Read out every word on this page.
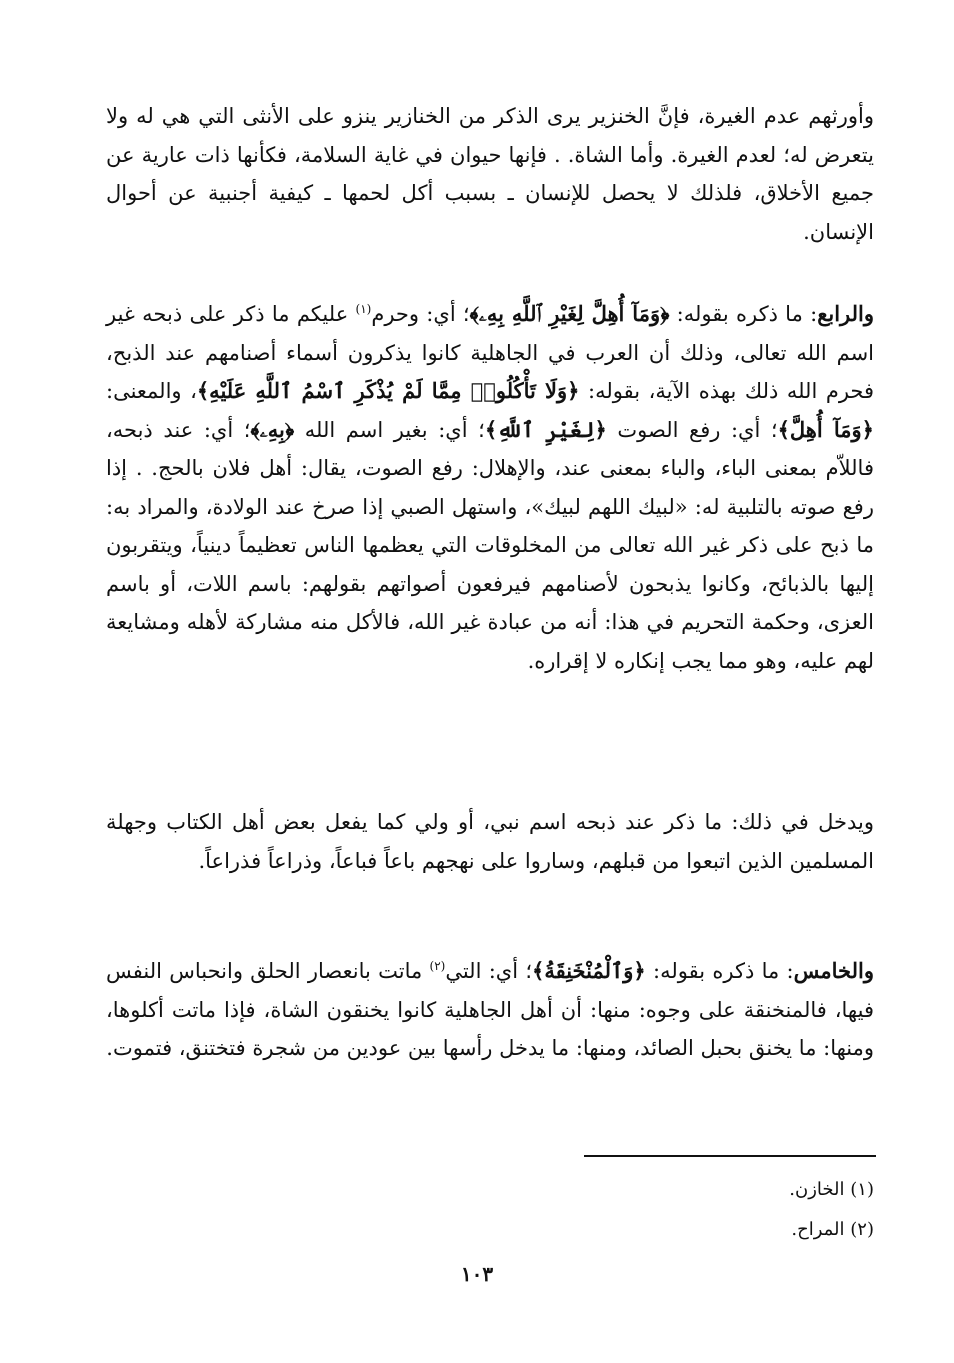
وأورثهم عدم الغيرة، فإنَّ الخنزير يرى الذكر من الخنازير ينزو على الأنثى التي هي له ولا يتعرض له؛ لعدم الغيرة. وأما الشاة. . فإنها حيوان في غاية السلامة، فكأنها ذات عارية عن جميع الأخلاق، فلذلك لا يحصل للإنسان ـ بسبب أكل لحمها ـ كيفية أجنبية عن أحوال الإنسان.

والرابع: ما ذكره بقوله: ﴿وَمَآ أُهِلَّ لِغَيْرِ ٱللَّهِ بِهِۦ﴾؛ أي: وحرم$^{(١)}$ عليكم ما ذكر على ذبحه غير اسم الله تعالى، وذلك أن العرب في الجاهلية كانوا يذكرون أسماء أصنامهم عند الذبح، فحرم الله ذلك بهذه الآية، بقوله: ﴿وَلَا تَأْكُلُوا۟ مِمَّا لَمْ يُذْكَرِ ٱسْمُ ٱللَّهِ عَلَيْهِ﴾، والمعنى: ﴿وَمَآ أُهِلَّ﴾؛ أي: رفع الصوت ﴿لِغَيْرِ ٱللَّهِ﴾؛ أي: بغير اسم الله ﴿بِهِۦ﴾؛ أي: عند ذبحه، فاللاّم بمعنى الباء، والباء بمعنى عند، والإهلال: رفع الصوت، يقال: أهل فلان بالحج. . إذا رفع صوته بالتلبية له: «لبيك اللهم لبيك»، واستهل الصبي إذا صرخ عند الولادة، والمراد به: ما ذبح على ذكر غير الله تعالى من المخلوقات التي يعظمها الناس تعظيماً دينياً، ويتقربون إليها بالذبائح، وكانوا يذبحون لأصنامهم فيرفعون أصواتهم بقولهم: باسم اللات، أو باسم العزى، وحكمة التحريم في هذا: أنه من عبادة غير الله، فالأكل منه مشاركة لأهله ومشايعة لهم عليه، وهو مما يجب إنكاره لا إقراره.

ويدخل في ذلك: ما ذكر عند ذبحه اسم نبي، أو ولي كما يفعل بعض أهل الكتاب وجهلة المسلمين الذين اتبعوا من قبلهم، وساروا على نهجهم باعاً فباعاً، وذراعاً فذراعاً.

والخامس: ما ذكره بقوله: ﴿وَٱلْمُنْخَنِقَةُ﴾؛ أي: التي$^{(٢)}$ ماتت بانعصار الحلق وانحباس النفس فيها، فالمنخنقة على وجوه: منها: أن أهل الجاهلية كانوا يخنقون الشاة، فإذا ماتت أكلوها، ومنها: ما يخنق بحبل الصائد، ومنها: ما يدخل رأسها بين عودين من شجرة فتختنق، فتموت.

(١) الخازن.
(٢) المراح.
١٠٣
